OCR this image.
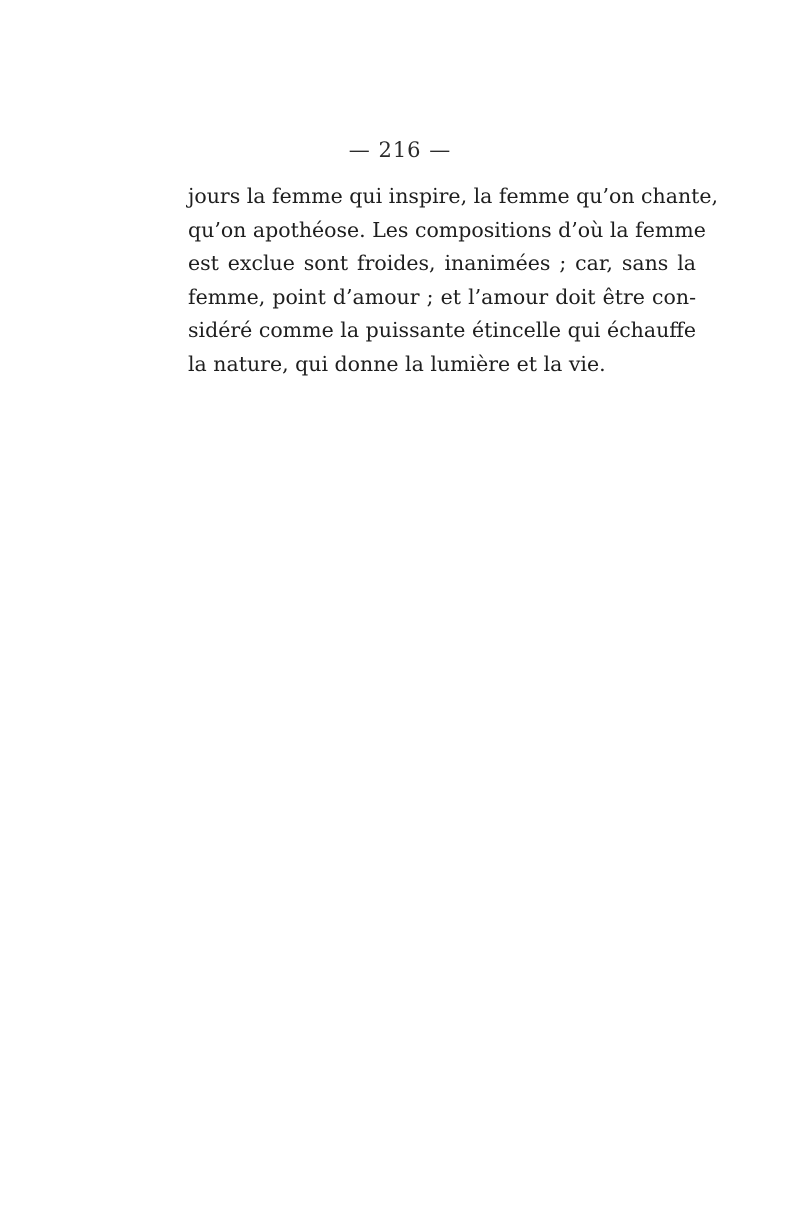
— 216 —
jours la femme qui inspire, la femme qu’on chante,
qu’on apothéose. Les compositions d’où la femme
est exclue sont froides, inanimées ; car, sans la
femme, point d’amour ; et l’amour doit être con-
sidéré comme la puissante étincelle qui échauffe
la nature, qui donne la lumière et la vie.
